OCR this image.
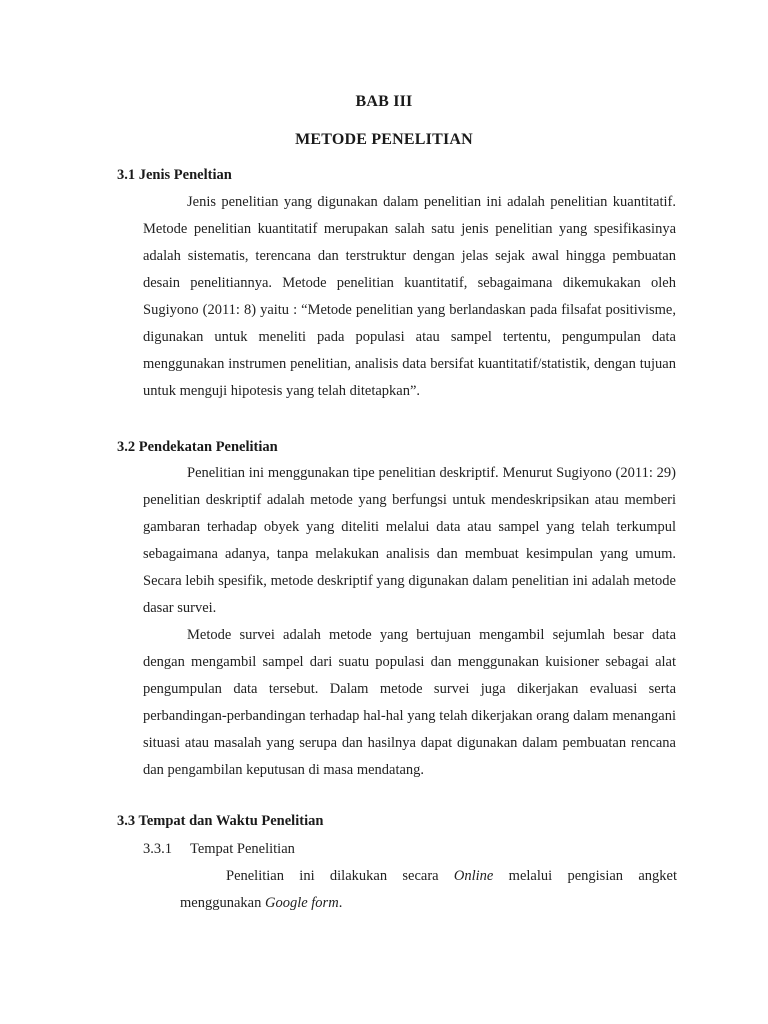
BAB III
METODE PENELITIAN
3.1 Jenis Peneltian

Jenis penelitian yang digunakan dalam penelitian ini adalah penelitian kuantitatif. Metode penelitian kuantitatif merupakan salah satu jenis penelitian yang spesifikasinya adalah sistematis, terencana dan terstruktur dengan jelas sejak awal hingga pembuatan desain penelitiannya. Metode penelitian kuantitatif, sebagaimana dikemukakan oleh Sugiyono (2011: 8) yaitu : “Metode penelitian yang berlandaskan pada filsafat positivisme, digunakan untuk meneliti pada populasi atau sampel tertentu, pengumpulan data menggunakan instrumen penelitian, analisis data bersifat kuantitatif/statistik, dengan tujuan untuk menguji hipotesis yang telah ditetapkan”.

3.2 Pendekatan Penelitian

Penelitian ini menggunakan tipe penelitian deskriptif. Menurut Sugiyono (2011: 29) penelitian deskriptif adalah metode yang berfungsi untuk mendeskripsikan atau memberi gambaran terhadap obyek yang diteliti melalui data atau sampel yang telah terkumpul sebagaimana adanya, tanpa melakukan analisis dan membuat kesimpulan yang umum. Secara lebih spesifik, metode deskriptif yang digunakan dalam penelitian ini adalah metode dasar survei.

Metode survei adalah metode yang bertujuan mengambil sejumlah besar data dengan mengambil sampel dari suatu populasi dan menggunakan kuisioner sebagai alat pengumpulan data tersebut. Dalam metode survei juga dikerjakan evaluasi serta perbandingan-perbandingan terhadap hal-hal yang telah dikerjakan orang dalam menangani situasi atau masalah yang serupa dan hasilnya dapat digunakan dalam pembuatan rencana dan pengambilan keputusan di masa mendatang.

3.3 Tempat dan Waktu Penelitian
3.3.1 Tempat Penelitian

Penelitian ini dilakukan secara Online melalui pengisian angket menggunakan Google form.
